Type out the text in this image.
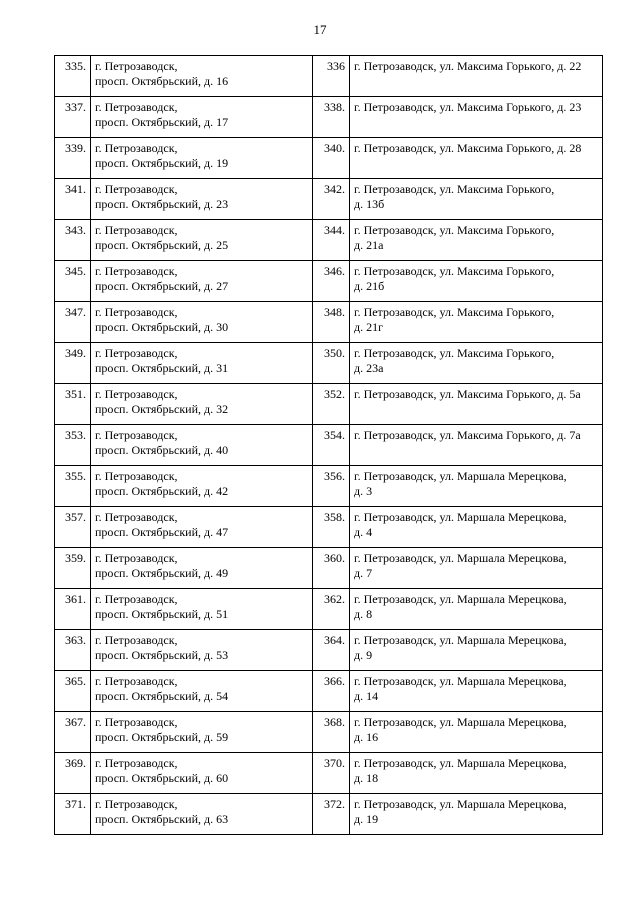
17
335.	г. Петрозаводск,
просп. Октябрьский, д. 16	336	г. Петрозаводск, ул. Максима Горького, д. 22

337.	г. Петрозаводск,
просп. Октябрьский, д. 17	338.	г. Петрозаводск, ул. Максима Горького, д. 23

339.	г. Петрозаводск,
просп. Октябрьский, д. 19	340.	г. Петрозаводск, ул. Максима Горького, д. 28

341.	г. Петрозаводск,
просп. Октябрьский, д. 23	342.	г. Петрозаводск, ул. Максима Горького,
д. 13б

343.	г. Петрозаводск,
просп. Октябрьский, д. 25	344.	г. Петрозаводск, ул. Максима Горького,
д. 21а

345.	г. Петрозаводск,
просп. Октябрьский, д. 27	346.	г. Петрозаводск, ул. Максима Горького,
д. 21б

347.	г. Петрозаводск,
просп. Октябрьский, д. 30	348.	г. Петрозаводск, ул. Максима Горького,
д. 21г

349.	г. Петрозаводск,
просп. Октябрьский, д. 31	350.	г. Петрозаводск, ул. Максима Горького,
д. 23а

351.	г. Петрозаводск,
просп. Октябрьский, д. 32	352.	г. Петрозаводск, ул. Максима Горького, д. 5а

353.	г. Петрозаводск,
просп. Октябрьский, д. 40	354.	г. Петрозаводск, ул. Максима Горького, д. 7а

355.	г. Петрозаводск,
просп. Октябрьский, д. 42	356.	г. Петрозаводск, ул. Маршала Мерецкова,
д. 3

357.	г. Петрозаводск,
просп. Октябрьский, д. 47	358.	г. Петрозаводск, ул. Маршала Мерецкова,
д. 4

359.	г. Петрозаводск,
просп. Октябрьский, д. 49	360.	г. Петрозаводск, ул. Маршала Мерецкова,
д. 7

361.	г. Петрозаводск,
просп. Октябрьский, д. 51	362.	г. Петрозаводск, ул. Маршала Мерецкова,
д. 8

363.	г. Петрозаводск,
просп. Октябрьский, д. 53	364.	г. Петрозаводск, ул. Маршала Мерецкова,
д. 9

365.	г. Петрозаводск,
просп. Октябрьский, д. 54	366.	г. Петрозаводск, ул. Маршала Мерецкова,
д. 14

367.	г. Петрозаводск,
просп. Октябрьский, д. 59	368.	г. Петрозаводск, ул. Маршала Мерецкова,
д. 16

369.	г. Петрозаводск,
просп. Октябрьский, д. 60	370.	г. Петрозаводск, ул. Маршала Мерецкова,
д. 18

371.	г. Петрозаводск,
просп. Октябрьский, д. 63	372.	г. Петрозаводск, ул. Маршала Мерецкова,
д. 19
